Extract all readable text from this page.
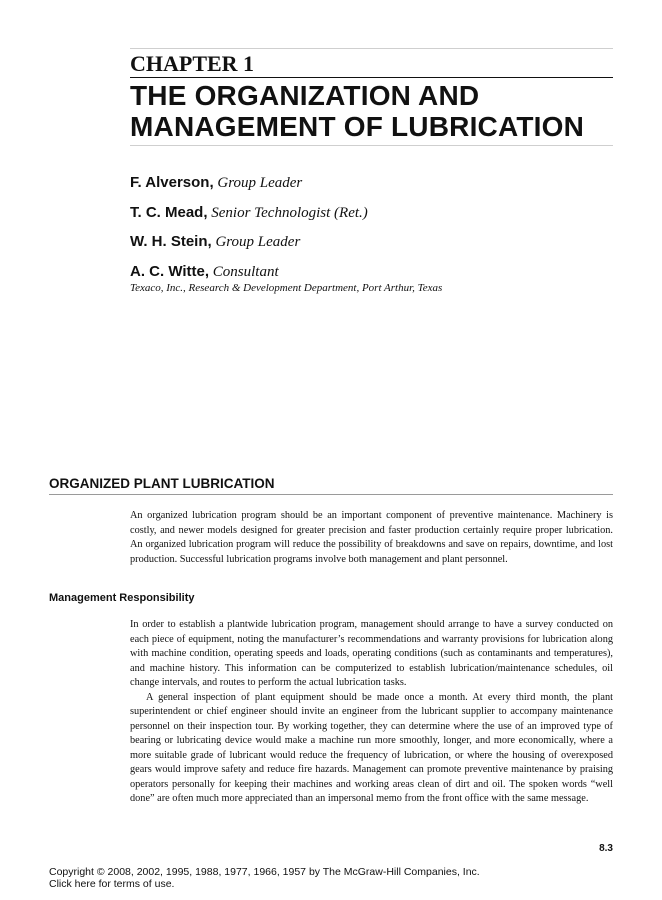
CHAPTER 1
THE ORGANIZATION AND
MANAGEMENT OF LUBRICATION
F. Alverson, Group Leader
T. C. Mead, Senior Technologist (Ret.)
W. H. Stein, Group Leader
A. C. Witte, Consultant
Texaco, Inc., Research & Development Department, Port Arthur, Texas
ORGANIZED PLANT LUBRICATION

An organized lubrication program should be an important component of preventive maintenance. Machinery is costly, and newer models designed for greater precision and faster production certainly require proper lubrication. An organized lubrication program will reduce the possibility of breakdowns and save on repairs, downtime, and lost production. Successful lubrication programs involve both management and plant personnel.

Management Responsibility

In order to establish a plantwide lubrication program, management should arrange to have a survey conducted on each piece of equipment, noting the manufacturer’s recommendations and warranty provisions for lubrication along with machine condition, operating speeds and loads, operating conditions (such as contaminants and temperatures), and machine history. This information can be computerized to establish lubrication/maintenance schedules, oil change intervals, and routes to perform the actual lubrication tasks.

A general inspection of plant equipment should be made once a month. At every third month, the plant superintendent or chief engineer should invite an engineer from the lubricant supplier to accompany maintenance personnel on their inspection tour. By working together, they can determine where the use of an improved type of bearing or lubricating device would make a machine run more smoothly, longer, and more economically, where a more suitable grade of lubricant would reduce the frequency of lubrication, or where the housing of overexposed gears would improve safety and reduce fire hazards. Management can promote preventive maintenance by praising operators personally for keeping their machines and working areas clean of dirt and oil. The spoken words “well done” are often much more appreciated than an impersonal memo from the front office with the same message.

8.3
Copyright © 2008, 2002, 1995, 1988, 1977, 1966, 1957 by The McGraw-Hill Companies, Inc.
Click here for terms of use.
